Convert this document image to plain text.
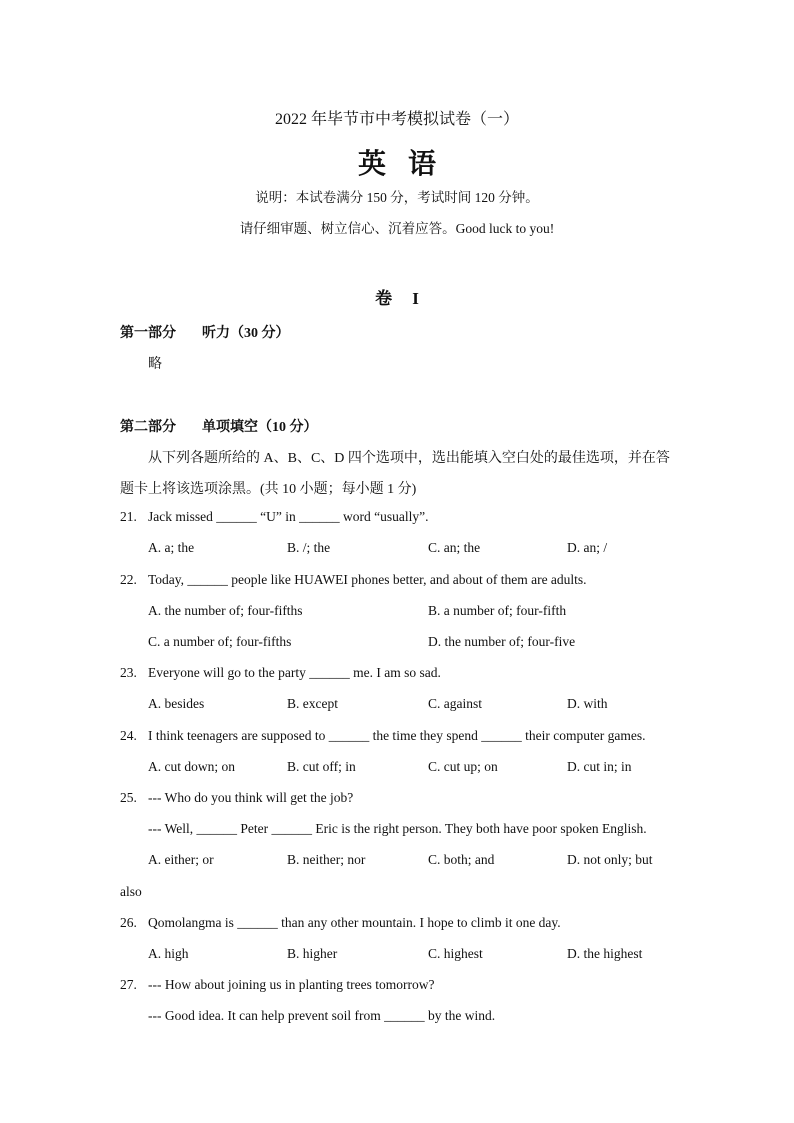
2022 年毕节市中考模拟试卷（一）
英语
说明：本试卷满分 150 分，考试时间 120 分钟。
请仔细审题、树立信心、沉着应答。Good luck to you!
卷 I
第一部分 听力（30 分）
略
第二部分 单项填空（10 分）
从下列各题所给的 A、B、C、D 四个选项中，选出能填入空白处的最佳选项，并在答
题卡上将该选项涂黑。(共 10 小题；每小题 1 分)
21. Jack missed ______ “U” in ______ word “usually”.
A. a; the	B. /; the	C. an; the	D. an; /
22. Today, ______ people like HUAWEI phones better, and about of them are adults.
A. the number of; four-fifths	B. a number of; four-fifth
C. a number of; four-fifths	D. the number of; four-five
23. Everyone will go to the party ______ me. I am so sad.
A. besides	B. except	C. against	D. with
24. I think teenagers are supposed to ______ the time they spend ______ their computer games.
A. cut down; on	B. cut off; in	C. cut up; on	D. cut in; in
25. --- Who do you think will get the job?
--- Well, ______ Peter ______ Eric is the right person. They both have poor spoken English.
A. either; or	B. neither; nor	C. both; and	D. not only; but
also
26. Qomolangma is ______ than any other mountain. I hope to climb it one day.
A. high	B. higher	C. highest	D. the highest
27. --- How about joining us in planting trees tomorrow?
--- Good idea. It can help prevent soil from ______ by the wind.
